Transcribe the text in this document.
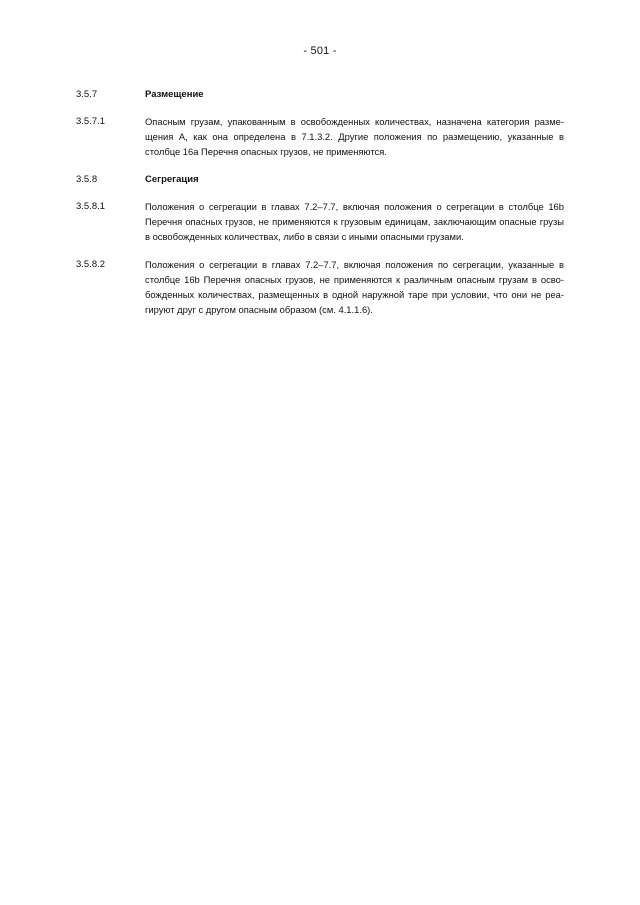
- 501 -
3.5.7	Размещение
3.5.7.1	Опасным грузам, упакованным в освобожденных количествах, назначена категория размещения A, как она определена в 7.1.3.2. Другие положения по размещению, указанные в столбце 16a Перечня опасных грузов, не применяются.
3.5.8	Сегрегация
3.5.8.1	Положения о сегрегации в главах 7.2–7.7, включая положения о сегрегации в столбце 16b Перечня опасных грузов, не применяются к грузовым единицам, заключающим опасные грузы в освобожденных количествах, либо в связи с иными опасными грузами.
3.5.8.2	Положения о сегрегации в главах 7.2–7.7, включая положения по сегрегации, указанные в столбце 16b Перечня опасных грузов, не применяются к различным опасным грузам в освобожденных количествах, размещенных в одной наружной таре при условии, что они не реагируют друг с другом опасным образом (см. 4.1.1.6).
